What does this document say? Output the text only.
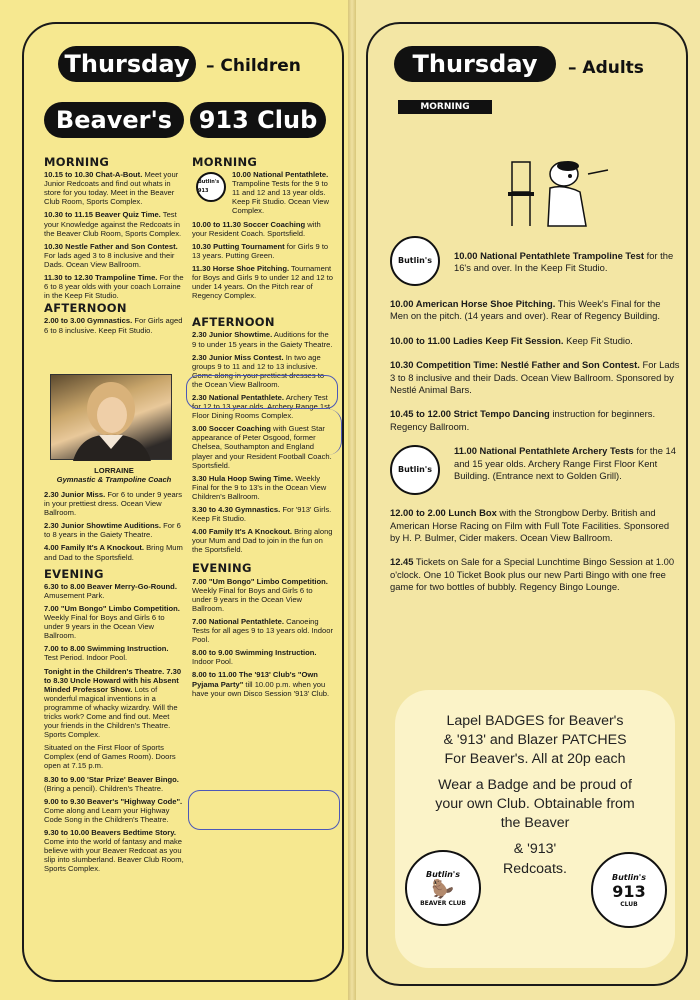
Thursday – Children
Beaver's	913 Club
MORNING
10.15 to 10.30 Chat-A-Bout. Meet your Junior Redcoats and find out whats in store for you today. Meet in the Beaver Club Room, Sports Complex.
10.30 to 11.15 Beaver Quiz Time. Test your Knowledge against the Redcoats in the Beaver Club Room, Sports Complex.
10.30 Nestle Father and Son Contest. For lads aged 3 to 8 inclusive and their Dads. Ocean View Ballroom.
11.30 to 12.30 Trampoline Time. For the 6 to 8 year olds with your coach Lorraine in the Keep Fit Studio.
AFTERNOON
2.00 to 3.00 Gymnastics. For Girls aged 6 to 8 inclusive. Keep Fit Studio.
LORRAINE
Gymnastic & Trampoline Coach
2.30 Junior Miss. For 6 to under 9 years in your prettiest dress. Ocean View Ballroom.
2.30 Junior Showtime Auditions. For 6 to 8 years in the Gaiety Theatre.
4.00 Family It's A Knockout. Bring Mum and Dad to the Sportsfield.
EVENING
6.30 to 8.00 Beaver Merry-Go-Round. Amusement Park.
7.00 "Um Bongo" Limbo Competition. Weekly Final for Boys and Girls 6 to under 9 years in the Ocean View Ballroom.
7.00 to 8.00 Swimming Instruction. Test Period. Indoor Pool.
Tonight in the Children's Theatre. 7.30 to 8.30 Uncle Howard with his Absent Minded Professor Show. Lots of wonderful magical inventions in a programme of whacky wizardry. Will the tricks work? Come and find out. Meet your friends in the Children's Theatre. Sports Complex.
Situated on the First Floor of Sports Complex (end of Games Room). Doors open at 7.15 p.m.
8.30 to 9.00 'Star Prize' Beaver Bingo. (Bring a pencil). Children's Theatre.
9.00 to 9.30 Beaver's "Highway Code". Come along and Learn your Highway Code Song in the Children's Theatre.
9.30 to 10.00 Beavers Bedtime Story. Come into the world of fantasy and make believe with your Beaver Redcoat as you slip into slumberland. Beaver Club Room, Sports Complex.
MORNING
Butlin's 913
10.00 National Pentathlete. Trampoline Tests for the 9 to 11 and 12 and 13 year olds. Keep Fit Studio. Ocean View Complex.
10.00 to 11.30 Soccer Coaching with your Resident Coach. Sportsfield.
10.30 Putting Tournament for Girls 9 to 13 years. Putting Green.
11.30 Horse Shoe Pitching. Tournament for Boys and Girls 9 to under 12 and 12 to under 14 years. On the Pitch rear of Regency Complex.
AFTERNOON
2.30 Junior Showtime. Auditions for the 9 to under 15 years in the Gaiety Theatre.
2.30 Junior Miss Contest. In two age groups 9 to 11 and 12 to 13 inclusive. Come along in your prettiest dresses to the Ocean View Ballroom.
2.30 National Pentathlete. Archery Test for 12 to 13 year olds. Archery Range 1st Floor Dining Rooms Complex.
3.00 Soccer Coaching with Guest Star appearance of Peter Osgood, former Chelsea, Southampton and England player and your Resident Football Coach. Sportsfield.
3.30 Hula Hoop Swing Time. Weekly Final for the 9 to 13's in the Ocean View Children's Ballroom.
3.30 to 4.30 Gymnastics. For '913' Girls. Keep Fit Studio.
4.00 Family It's A Knockout. Bring along your Mum and Dad to join in the fun on the Sportsfield.
EVENING
7.00 "Um Bongo" Limbo Competition. Weekly Final for Boys and Girls 6 to under 9 years in the Ocean View Ballroom.
7.00 National Pentathlete. Canoeing Tests for all ages 9 to 13 years old. Indoor Pool.
8.00 to 9.00 Swimming Instruction. Indoor Pool.
8.00 to 11.00 The '913' Club's "Own Pyjama Party" till 10.00 p.m. when you have your own Disco Session '913' Club.
Thursday	– Adults
MORNING
Butlin's 10.00 National Pentathlete Trampoline Test for the 16's and over. In the Keep Fit Studio.
10.00 American Horse Shoe Pitching. This Week's Final for the Men on the pitch. (14 years and over). Rear of Regency Building.
10.00 to 11.00 Ladies Keep Fit Session. Keep Fit Studio.
10.30 Competition Time: Nestlé Father and Son Contest. For Lads 3 to 8 inclusive and their Dads. Ocean View Ballroom. Sponsored by Nestlé Animal Bars.
10.45 to 12.00 Strict Tempo Dancing instruction for beginners. Regency Ballroom.
Butlin's
11.00 National Pentathlete Archery Tests for the 14 and 15 year olds. Archery Range First Floor Kent Building. (Entrance next to Golden Grill).
12.00 to 2.00 Lunch Box with the Strongbow Derby. British and American Horse Racing on Film with Full Tote Facilities. Sponsored by H. P. Bulmer, Cider makers. Ocean View Ballroom.
12.45 Tickets on Sale for a Special Lunchtime Bingo Session at 1.00 o'clock. One 10 Ticket Book plus our new Parti Bingo with one free game for two bottles of bubbly. Regency Bingo Lounge.
Lapel BADGES for Beaver's
& '913' and Blazer PATCHES
For Beaver's. All at 20p each
Wear a Badge and be proud of
your own Club. Obtainable from
the Beaver
& '913'
Redcoats.
Butlin's
🦫
BEAVER CLUB
Butlin's
913
CLUB
